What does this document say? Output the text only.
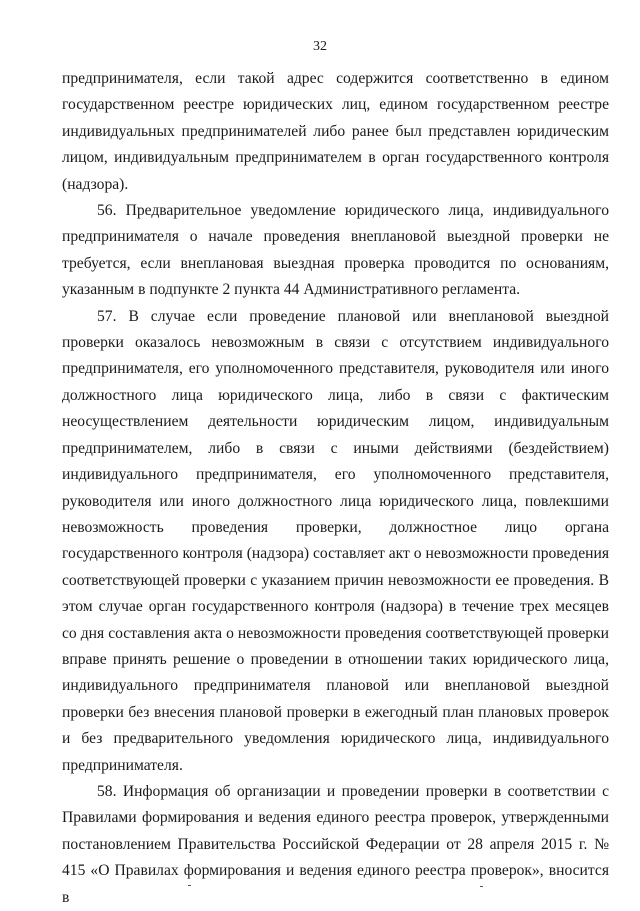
32

предпринимателя, если такой адрес содержится соответственно в едином государственном реестре юридических лиц, едином государственном реестре индивидуальных предпринимателей либо ранее был представлен юридическим лицом, индивидуальным предпринимателем в орган государственного контроля (надзора).

56. Предварительное уведомление юридического лица, индивидуального предпринимателя о начале проведения внеплановой выездной проверки не требуется, если внеплановая выездная проверка проводится по основаниям, указанным в подпункте 2 пункта 44 Административного регламента.

57. В случае если проведение плановой или внеплановой выездной проверки оказалось невозможным в связи с отсутствием индивидуального предпринимателя, его уполномоченного представителя, руководителя или иного должностного лица юридического лица, либо в связи с фактическим неосуществлением деятельности юридическим лицом, индивидуальным предпринимателем, либо в связи с иными действиями (бездействием) индивидуального предпринимателя, его уполномоченного представителя, руководителя или иного должностного лица юридического лица, повлекшими невозможность проведения проверки, должностное лицо органа государственного контроля (надзора) составляет акт о невозможности проведения соответствующей проверки с указанием причин невозможности ее проведения. В этом случае орган государственного контроля (надзора) в течение трех месяцев со дня составления акта о невозможности проведения соответствующей проверки вправе принять решение о проведении в отношении таких юридического лица, индивидуального предпринимателя плановой или внеплановой выездной проверки без внесения плановой проверки в ежегодный план плановых проверок и без предварительного уведомления юридического лица, индивидуального предпринимателя.

58. Информация об организации и проведении проверки в соответствии с Правилами формирования и ведения единого реестра проверок, утвержденными постановлением Правительства Российской Федерации от 28 апреля 2015 г. № 415 «О Правилах формирования и ведения единого реестра проверок», вносится в
